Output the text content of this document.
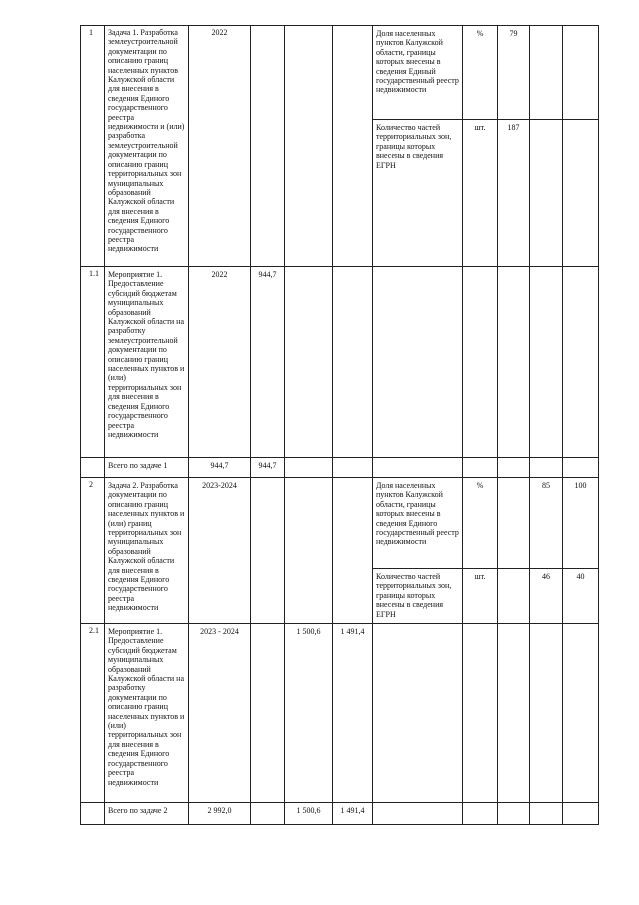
1	Задача 1. Разработка землеустроительной документации по описанию границ населенных пунктов Калужской области для внесения в сведения Единого государственного реестра недвижимости и (или) разработка землеустроительной документации по описанию границ территориальных зон муниципальных образований Калужской области для внесения в сведения Единого государственного реестра недвижимости	2022				Доля населенных пунктов Калужской области, границы которых внесены в сведения Единый государственный реестр недвижимости	%	79		
						Количество частей территориальных зон, границы которых внесены в сведения ЕГРН	шт.	187		
1.1	Мероприятие 1. Предоставление субсидий бюджетам муниципальных образований Калужской области на разработку землеустроительной документации по описанию границ населенных пунктов и (или) территориальных зон для внесения в сведения Единого государственного реестра недвижимости	2022	944,7							
	Всего по задаче 1	944,7	944,7							
2	Задача 2. Разработка документации по описанию границ населенных пунктов и (или) границ территориальных зон муниципальных образований Калужской области для внесения в сведения Единого государственного реестра недвижимости	2023-2024				Доля населенных пунктов Калужской области, границы которых внесены в сведения Единого государственный реестр недвижимости	%		85	100
						Количество частей территориальных зон, границы которых внесены в сведения ЕГРН	шт.		46	40
2.1	Мероприятие 1. Предоставление субсидий бюджетам муниципальных образований Калужской области на разработку документации по описанию границ населенных пунктов и (или) территориальных зон для внесения в сведения Единого государственного реестра недвижимости	2023 - 2024		1 500,6	1 491,4					
	Всего по задаче 2	2 992,0		1 500,6	1 491,4					
